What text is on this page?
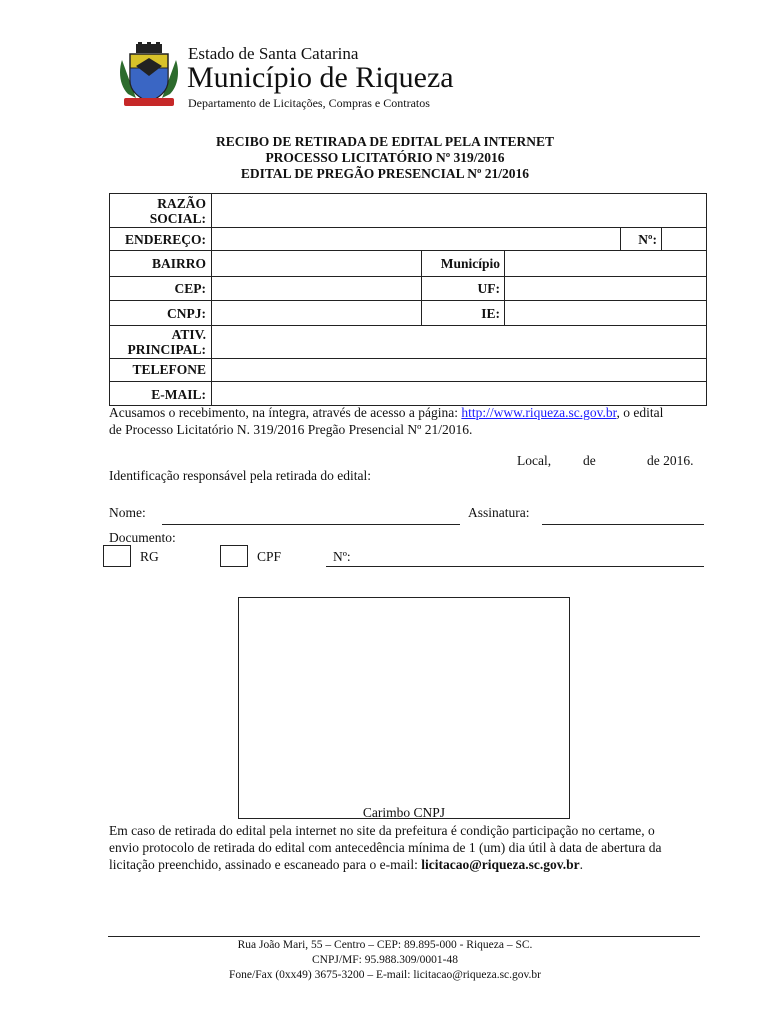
Estado de Santa Catarina
Município de Riqueza
Departamento de Licitações, Compras e Contratos
RECIBO DE RETIRADA DE EDITAL PELA INTERNET
PROCESSO LICITATÓRIO Nº 319/2016
EDITAL DE PREGÃO PRESENCIAL Nº 21/2016
RAZÃO
SOCIAL:
ENDEREÇO:	Nº:
BAIRRO	Município
CEP:	UF:
CNPJ:	IE:
ATIV.
PRINCIPAL:
TELEFONE
E-MAIL:
Acusamos o recebimento, na íntegra, através de acesso a página: http://www.riqueza.sc.gov.br, o edital
de Processo Licitatório N. 319/2016 Pregão Presencial Nº 21/2016.
Local, de	de 2016.
Identificação responsável pela retirada do edital:
Nome:	Assinatura:
Documento:
RG	CPF	Nº:
Carimbo CNPJ
Em caso de retirada do edital pela internet no site da prefeitura é condição participação no certame, o
envio protocolo de retirada do edital com antecedência mínima de 1 (um) dia útil à data de abertura da
licitação preenchido, assinado e escaneado para o e-mail: licitacao@riqueza.sc.gov.br.
Rua João Mari, 55 – Centro – CEP: 89.895-000 - Riqueza – SC.
CNPJ/MF: 95.988.309/0001-48
Fone/Fax (0xx49) 3675-3200 – E-mail: licitacao@riqueza.sc.gov.br
